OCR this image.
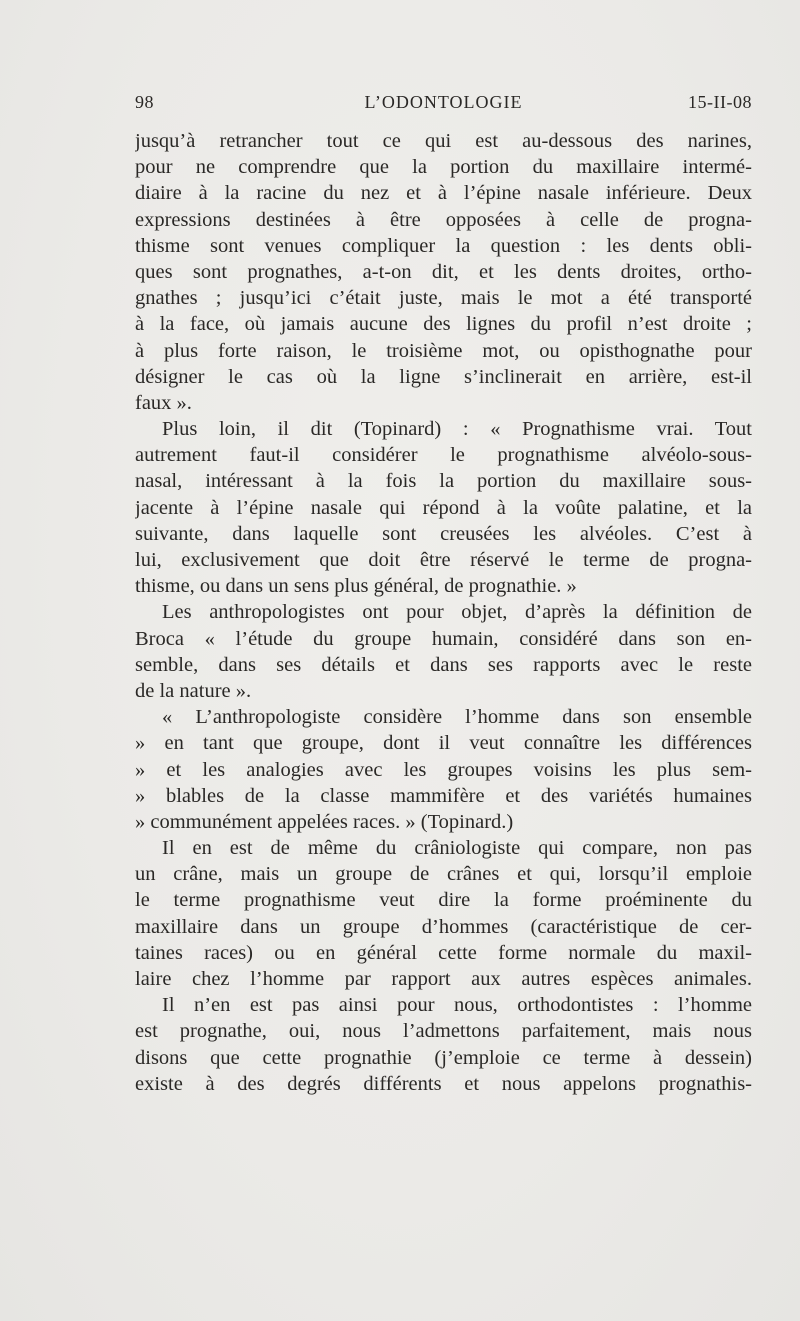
98	L’ODONTOLOGIE	15-II-08
jusqu’à retrancher tout ce qui est au-dessous des narines,
pour ne comprendre que la portion du maxillaire intermé-
diaire à la racine du nez et à l’épine nasale inférieure. Deux
expressions destinées à être opposées à celle de progna-
thisme sont venues compliquer la question : les dents obli-
ques sont prognathes, a-t-on dit, et les dents droites, ortho-
gnathes ; jusqu’ici c’était juste, mais le mot a été transporté
à la face, où jamais aucune des lignes du profil n’est droite ;
à plus forte raison, le troisième mot, ou opisthognathe pour
désigner le cas où la ligne s’inclinerait en arrière, est-il
faux ».
Plus loin, il dit (Topinard) : « Prognathisme vrai. Tout
autrement faut-il considérer le prognathisme alvéolo-sous-
nasal, intéressant à la fois la portion du maxillaire sous-
jacente à l’épine nasale qui répond à la voûte palatine, et la
suivante, dans laquelle sont creusées les alvéoles. C’est à
lui, exclusivement que doit être réservé le terme de progna-
thisme, ou dans un sens plus général, de prognathie. »
Les anthropologistes ont pour objet, d’après la définition de
Broca « l’étude du groupe humain, considéré dans son en-
semble, dans ses détails et dans ses rapports avec le reste
de la nature ».
« L’anthropologiste considère l’homme dans son ensemble
» en tant que groupe, dont il veut connaître les différences
» et les analogies avec les groupes voisins les plus sem-
» blables de la classe mammifère et des variétés humaines
» communément appelées races. » (Topinard.)
Il en est de même du crâniologiste qui compare, non pas
un crâne, mais un groupe de crânes et qui, lorsqu’il emploie
le terme prognathisme veut dire la forme proéminente du
maxillaire dans un groupe d’hommes (caractéristique de cer-
taines races) ou en général cette forme normale du maxil-
laire chez l’homme par rapport aux autres espèces animales.
Il n’en est pas ainsi pour nous, orthodontistes : l’homme
est prognathe, oui, nous l’admettons parfaitement, mais nous
disons que cette prognathie (j’emploie ce terme à dessein)
existe à des degrés différents et nous appelons prognathis-
